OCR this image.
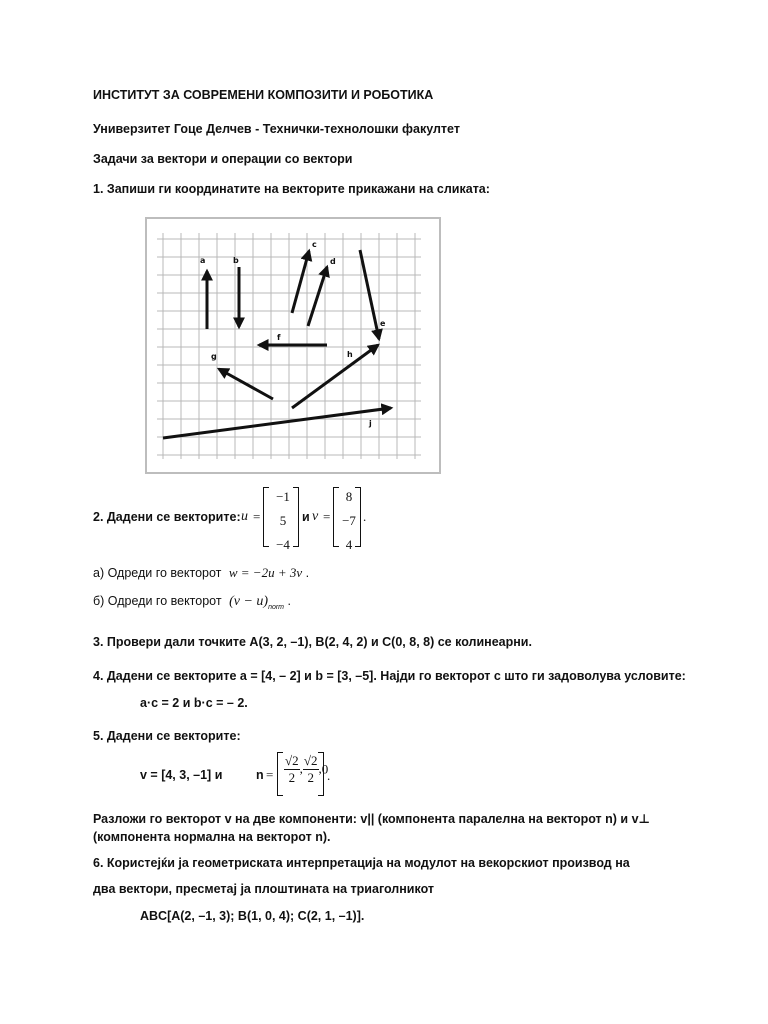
ИНСТИТУТ ЗА СОВРЕМЕНИ КОМПОЗИТИ И РОБОТИКА
Универзитет Гоце Делчев - Технички-технолошки факултет
Задачи за вектори и операции со вектори
1. Запиши ги координатите на векторите прикажани на сликата:
a	b
c
d
e
f
g	h
j
2. Дадени се векторите: u =
−1
5
−4
и v =
8
−7
4
.
а) Одреди го векторот w = −2u + 3v .
б) Одреди го векторот $(v - u)_{norm}$ .
3. Провери дали точките A(3, 2, –1), B(2, 4, 2) и C(0, 8, 8) се колинеарни.
4. Дадени се векторите a = [4, – 2] и b = [3, –5]. Најди го векторот c што ги задоволува условите:
a·c = 2 и b·c = – 2.
5. Дадени се векторите:
v = [4, 3, –1] и	$n = \frac{√2}{2}$ , $\frac{√2}{2} ,0$
.
Разложи го векторот v на две компоненти: v|| (компонента паралелна на векторот n) и v⊥
(компонента нормална на векторот n).
6. Користејќи ја геометриската интерпретација на модулот на векорскиот производ на
два вектори, пресметај ја плоштината на триаголникот
ABC[A(2, –1, 3); B(1, 0, 4); C(2, 1, –1)].
